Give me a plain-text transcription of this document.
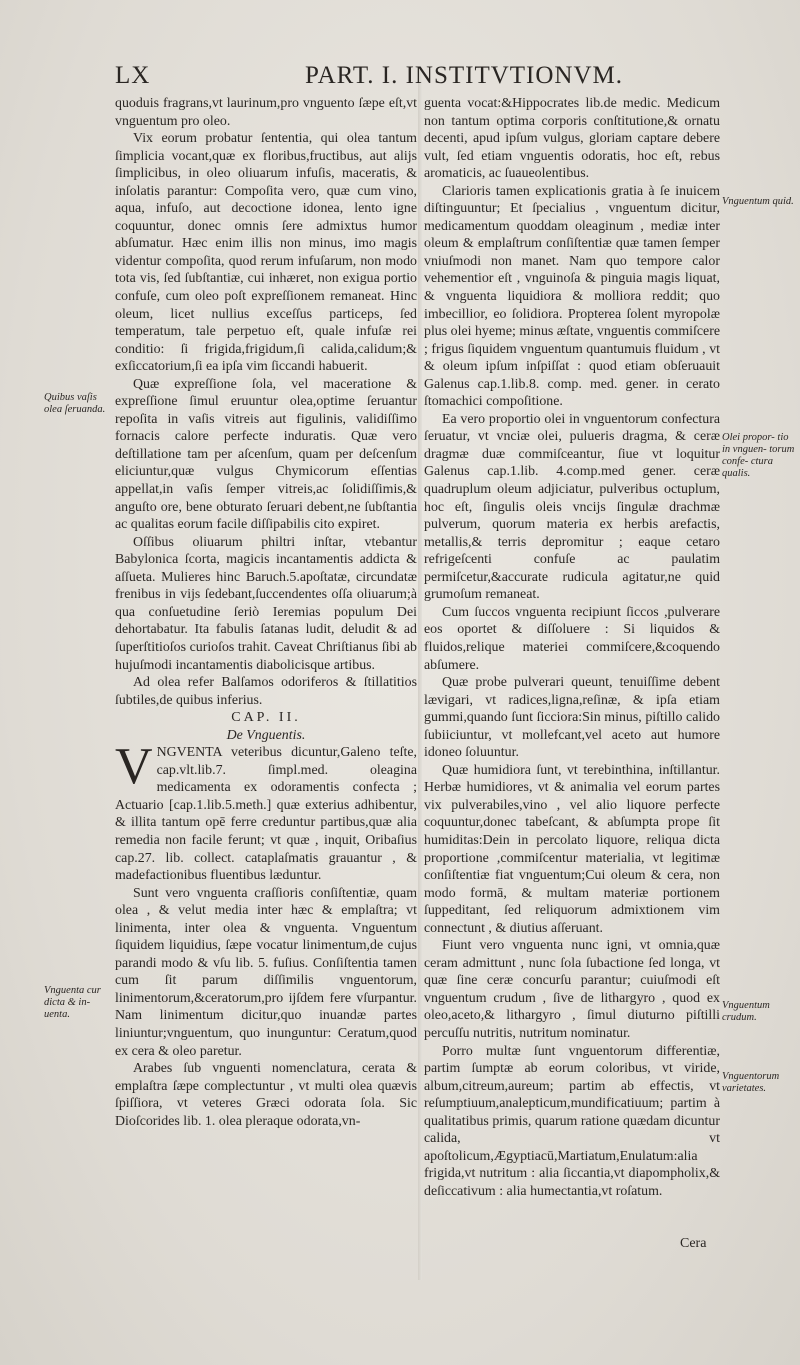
LX	PART. I. INSTITVTIONVM.

quoduis fragrans,vt laurinum,pro vnguento ſæpe eſt,vt vnguentum pro oleo.

Vix eorum probatur ſententia, qui olea tantum ſimplicia vocant,quæ ex floribus,fructibus, aut alijs ſimplicibus, in oleo oliuarum infuſis, maceratis, & inſolatis parantur: Compoſita vero, quæ cum vino, aqua, infuſo, aut decoctione idonea, lento igne coquuntur, donec omnis ſere admixtus humor abſumatur. Hæc enim illis non minus, imo magis videntur compoſita, quod rerum infuſarum, non modo tota vis, ſed ſubſtantiæ, cui inhæret, non exigua portio confuſe, cum oleo poſt expreſſionem remaneat. Hinc oleum, licet nullius exceſſus particeps, ſed temperatum, tale perpetuo eſt, quale infuſæ rei conditio: ſi frigida,frigidum,ſi calida,calidum;& exſiccatorium,ſi ea ipſa vim ſiccandi habuerit.

Quæ expreſſione ſola, vel maceratione & expreſſione ſimul eruuntur olea,optime ſeruantur repoſita in vaſis vitreis aut figulinis, validiſſimo fornacis calore perfecte induratis. Quæ vero deſtillatione tam per aſcenſum, quam per deſcenſum eliciuntur,quæ vulgus Chymicorum eſſentias appellat,in vaſis ſemper vitreis,ac ſolidiſſimis,& anguſto ore, bene obturato ſeruari debent,ne ſubſtantia ac qualitas eorum facile diſſipabilis cito expiret.

Oſſibus oliuarum philtri inſtar, vtebantur Babylonica ſcorta, magicis incantamentis addicta & aſſueta. Mulieres hinc Baruch.5.apoſtatæ, circundatæ frenibus in vijs ſedebant,ſuccendentes oſſa oliuarum;à qua conſuetudine ſeriò Ieremias populum Dei dehortabatur. Ita fabulis ſatanas ludit, deludit & ad ſuperſtitioſos curioſos trahit. Caveat Chriſtianus ſibi ab hujuſmodi incantamentis diabolicisque artibus.

Ad olea refer Balſamos odoriferos & ſtillatitios ſubtiles,de quibus inferius.

CAP. II.

De Vnguentis.

VNGVENTA veteribus dicuntur,Galeno teſte, cap.vlt.lib.7. ſimpl.med. oleagina medicamenta ex odoramentis confecta ; Actuario [cap.1.lib.5.meth.] quæ exterius adhibentur, & illita tantum opē ferre creduntur partibus,quæ alia remedia non facile ferunt; vt quæ , inquit, Oribaſius cap.27. lib. collect. cataplaſmatis grauantur , & madefactionibus fluentibus læduntur.

Sunt vero vnguenta craſſioris conſiſtentiæ, quam olea , & velut media inter hæc & emplaſtra; vt linimenta, inter olea & vnguenta. Vnguentum ſiquidem liquidius, ſæpe vocatur linimentum,de cujus parandi modo & vſu lib. 5. fuſius. Conſiſtentia tamen cum ſit parum diſſimilis vnguentorum, linimentorum,&ceratorum,pro ijſdem fere vſurpantur. Nam linimentum dicitur,quo inuandæ partes liniuntur;vnguentum, quo inunguntur: Ceratum,quod ex cera & oleo paretur.

Arabes ſub vnguenti nomenclatura, cerata & emplaſtra ſæpe complectuntur , vt multi olea quævis ſpiſſiora, vt veteres Græci odorata ſola. Sic Dioſcorides lib. 1. olea pleraque odorata,vn-

guenta vocat:&Hippocrates lib.de medic. Medicum non tantum optima corporis conſtitutione,& ornatu decenti, apud ipſum vulgus, gloriam captare debere vult, ſed etiam vnguentis odoratis, hoc eſt, rebus aromaticis, ac ſuaueolentibus.

Clarioris tamen explicationis gratia à ſe inuicem diſtinguuntur; Et ſpecialius , vnguentum dicitur, medicamentum quoddam oleaginum , mediæ inter oleum & emplaſtrum conſiſtentiæ quæ tamen ſemper vniuſmodi non manet. Nam quo tempore calor vehementior eſt , vnguinoſa & pinguia magis liquat, & vnguenta liquidiora & molliora reddit; quo imbecillior, eo ſolidiora. Propterea ſolent myropolæ plus olei hyeme; minus æſtate, vnguentis commiſcere ; frigus ſiquidem vnguentum quantumuis fluidum , vt & oleum ipſum inſpiſſat : quod etiam obſeruauit Galenus cap.1.lib.8. comp. med. gener. in cerato ſtomachici compoſitione.

Ea vero proportio olei in vnguentorum confectura ſeruatur, vt vnciæ olei, pulueris dragma, & ceræ dragmæ duæ commiſceantur, ſiue vt loquitur Galenus cap.1.lib. 4.comp.med gener. ceræ quadruplum oleum adjiciatur, pulveribus octuplum, hoc eſt, ſingulis oleis vncijs ſingulæ drachmæ pulverum, quorum materia ex herbis arefactis, metallis,& terris depromitur ; eaque cetaro refrigeſcenti confuſe ac paulatim permiſcetur,&accurate rudicula agitatur,ne quid grumoſum remaneat.

Cum ſuccos vnguenta recipiunt ſiccos ,pulverare eos oportet & diſſoluere : Si liquidos & fluidos,relique materiei commiſcere,&coquendo abſumere.

Quæ probe pulverari queunt, tenuiſſime debent lævigari, vt radices,ligna,reſinæ, & ipſa etiam gummi,quando ſunt ſicciora:Sin minus, piſtillo calido ſubiiciuntur, vt mollefcant,vel aceto aut humore idoneo ſoluuntur.

Quæ humidiora ſunt, vt terebinthina, inſtillantur. Herbæ humidiores, vt & animalia vel eorum partes vix pulverabiles,vino , vel alio liquore perfecte coquuntur,donec tabeſcant, & abſumpta prope ſit humiditas:Dein in percolato liquore, reliqua dicta proportione ,commiſcentur materialia, vt legitimæ conſiſtentiæ fiat vnguentum;Cui oleum & cera, non modo formā, & multam materiæ portionem ſuppeditant, ſed reliquorum admixtionem vim connectunt , & diutius aſſeruant.

Fiunt vero vnguenta nunc igni, vt omnia,quæ ceram admittunt , nunc ſola ſubactione ſed longa, vt quæ ſine ceræ concurſu parantur; cuiuſmodi eſt vnguentum crudum , ſive de lithargyro , quod ex oleo,aceto,& lithargyro , ſimul diuturno piſtilli percuſſu nutritis, nutritum nominatur.

Porro multæ ſunt vnguentorum differentiæ, partim ſumptæ ab eorum coloribus, vt viride, album,citreum,aureum; partim ab effectis, vt reſumptiuum,analepticum,mundificatiuum; partim à qualitatibus primis, quarum ratione quædam dicuntur calida, vt apoſtolicum,Ægyptiacū,Martiatum,Enulatum:alia frigida,vt nutritum : alia ſiccantia,vt diapompholix,& deſiccativum : alia humectantia,vt roſatum.

Quibus vaſis olea ſeruanda.
Vnguenta cur dicta & in- uenta.
Vnguentum quid.
Olei propor- tio in vnguen- torum confe- ctura qualis.
Vnguentum crudum.
Vnguentorum varietates.
Cera
